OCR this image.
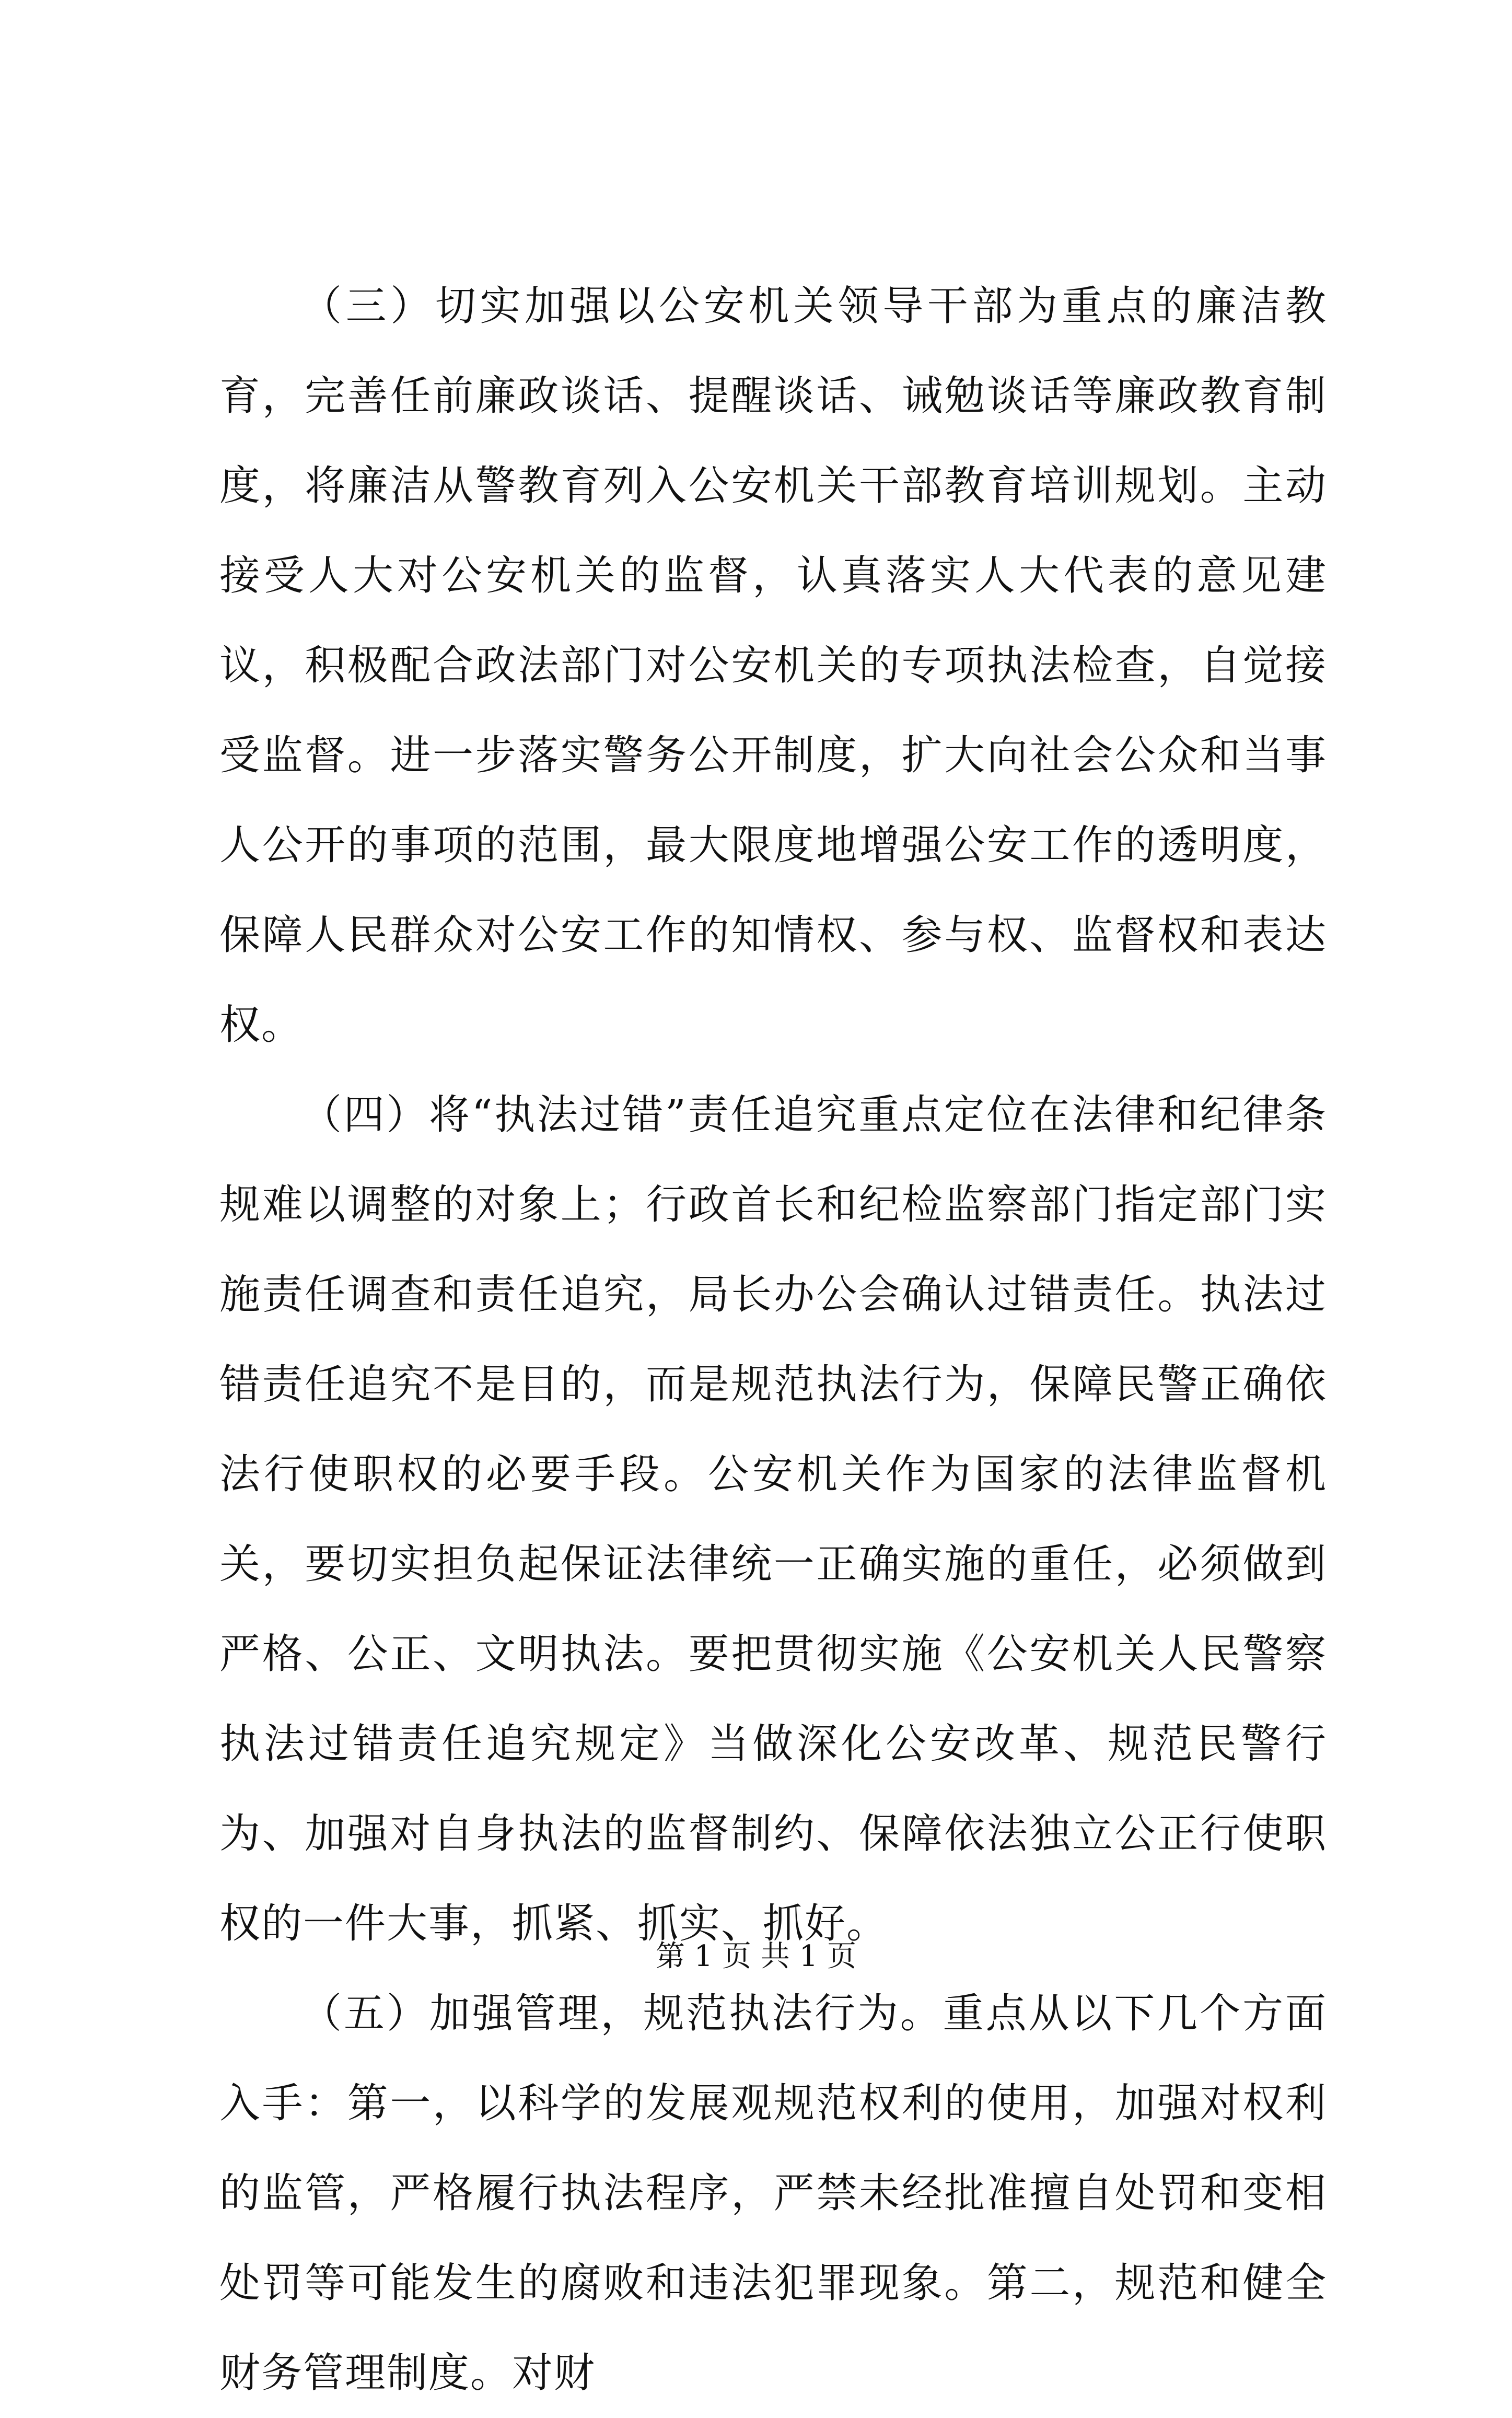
（三）切实加强以公安机关领导干部为重点的廉洁教育，完善任前廉政谈话、提醒谈话、诫勉谈话等廉政教育制度，将廉洁从警教育列入公安机关干部教育培训规划。主动接受人大对公安机关的监督，认真落实人大代表的意见建议，积极配合政法部门对公安机关的专项执法检查，自觉接受监督。进一步落实警务公开制度，扩大向社会公众和当事人公开的事项的范围，最大限度地增强公安工作的透明度，保障人民群众对公安工作的知情权、参与权、监督权和表达权。

（四）将“执法过错”责任追究重点定位在法律和纪律条规难以调整的对象上；行政首长和纪检监察部门指定部门实施责任调查和责任追究，局长办公会确认过错责任。执法过错责任追究不是目的，而是规范执法行为，保障民警正确依法行使职权的必要手段。公安机关作为国家的法律监督机关，要切实担负起保证法律统一正确实施的重任，必须做到严格、公正、文明执法。要把贯彻实施《公安机关人民警察执法过错责任追究规定》当做深化公安改革、规范民警行为、加强对自身执法的监督制约、保障依法独立公正行使职权的一件大事，抓紧、抓实、抓好。

（五）加强管理，规范执法行为。重点从以下几个方面入手：第一，以科学的发展观规范权利的使用，加强对权利的监管，严格履行执法程序，严禁未经批准擅自处罚和变相处罚等可能发生的腐败和违法犯罪现象。第二，规范和健全财务管理制度。对财

第 1 页 共 1 页
